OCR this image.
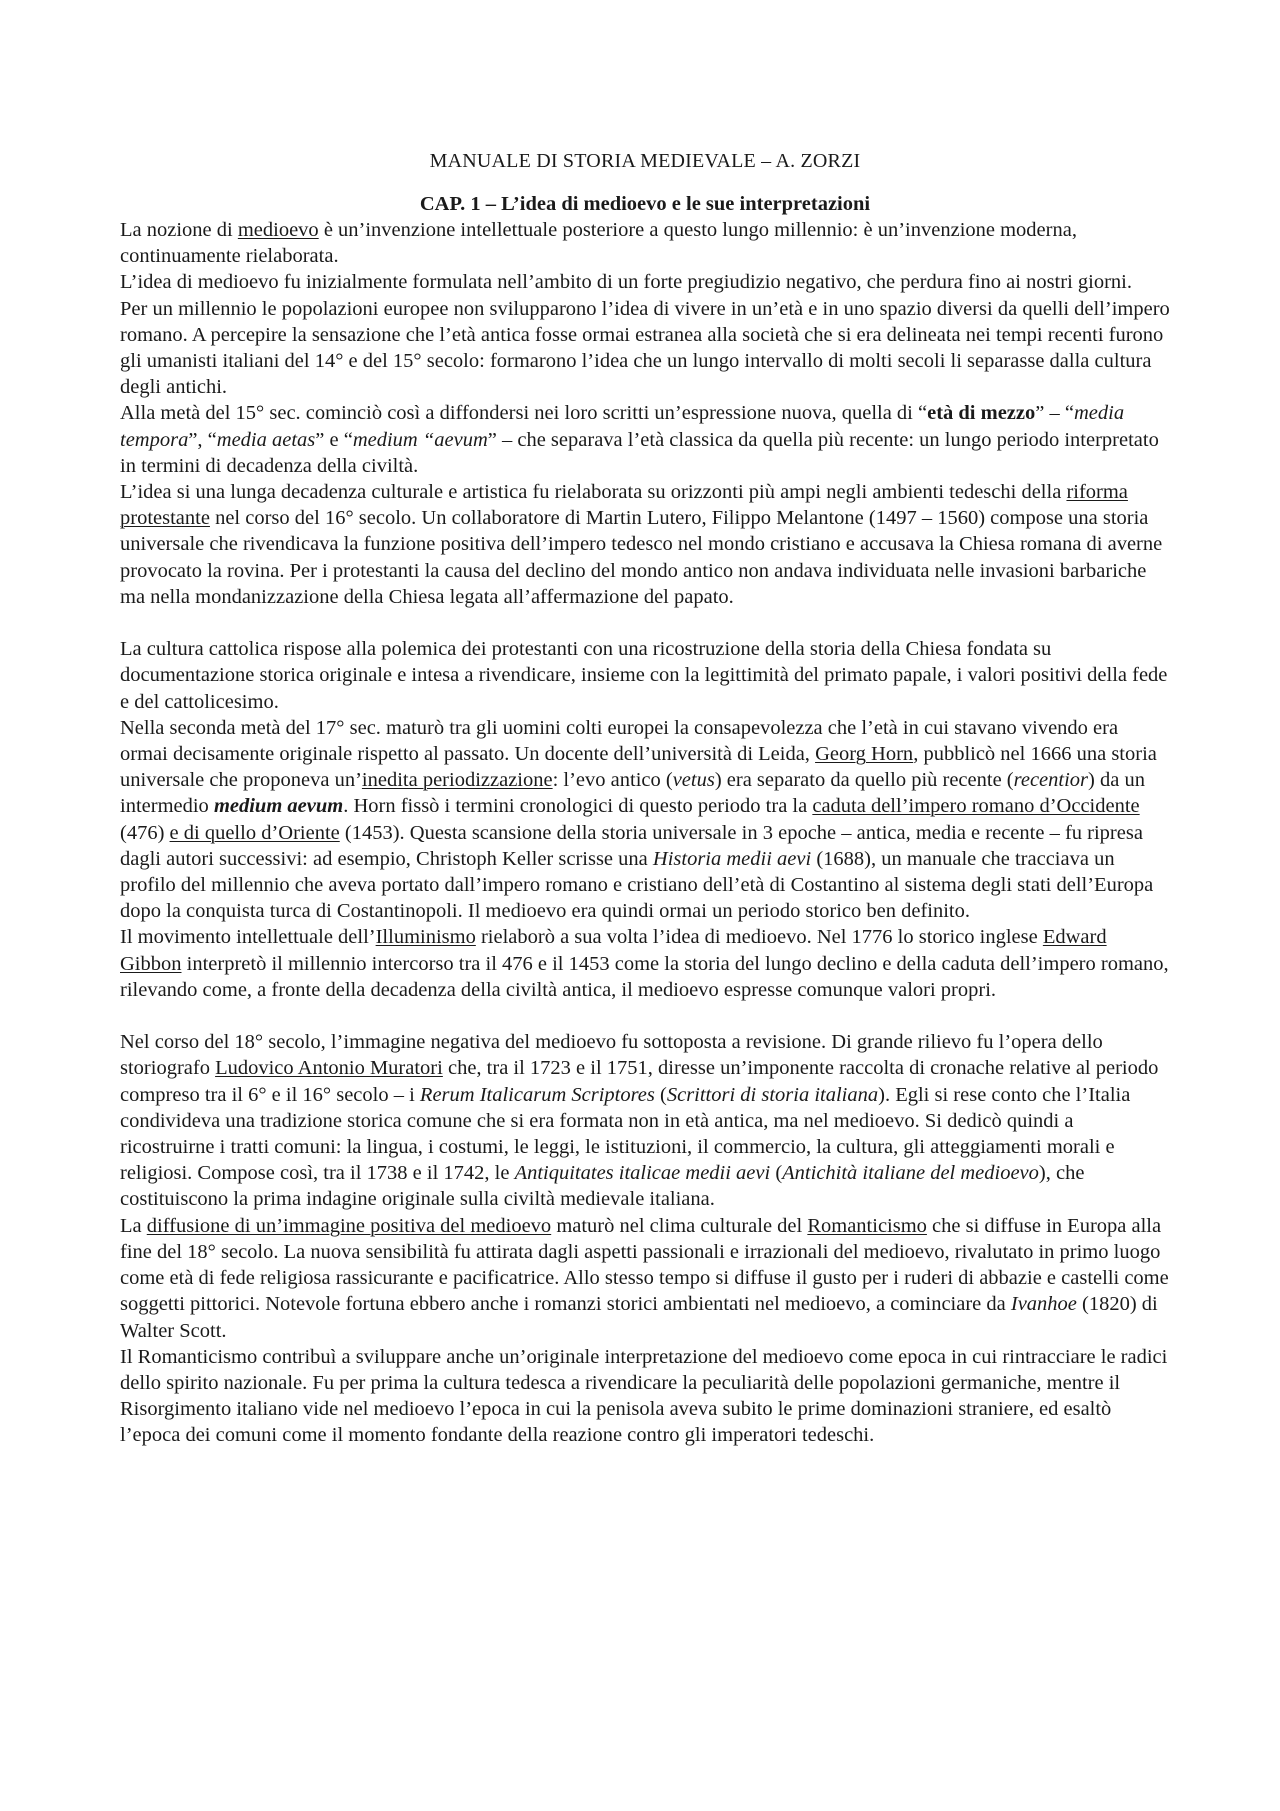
MANUALE DI STORIA MEDIEVALE – A. ZORZI
CAP. 1 – L’idea di medioevo e le sue interpretazioni

La nozione di medioevo è un’invenzione intellettuale posteriore a questo lungo millennio: è un’invenzione moderna, continuamente rielaborata.

L’idea di medioevo fu inizialmente formulata nell’ambito di un forte pregiudizio negativo, che perdura fino ai nostri giorni.

Per un millennio le popolazioni europee non svilupparono l’idea di vivere in un’età e in uno spazio diversi da quelli dell’impero romano. A percepire la sensazione che l’età antica fosse ormai estranea alla società che si era delineata nei tempi recenti furono gli umanisti italiani del 14° e del 15° secolo: formarono l’idea che un lungo intervallo di molti secoli li separasse dalla cultura degli antichi.

Alla metà del 15° sec. cominciò così a diffondersi nei loro scritti un’espressione nuova, quella di “età di mezzo” – “media tempora”, “media aetas” e “medium “aevum” – che separava l’età classica da quella più recente: un lungo periodo interpretato in termini di decadenza della civiltà.

L’idea si una lunga decadenza culturale e artistica fu rielaborata su orizzonti più ampi negli ambienti tedeschi della riforma protestante nel corso del 16° secolo. Un collaboratore di Martin Lutero, Filippo Melantone (1497 – 1560) compose una storia universale che rivendicava la funzione positiva dell’impero tedesco nel mondo cristiano e accusava la Chiesa romana di averne provocato la rovina. Per i protestanti la causa del declino del mondo antico non andava individuata nelle invasioni barbariche ma nella mondanizzazione della Chiesa legata all’affermazione del papato.

La cultura cattolica rispose alla polemica dei protestanti con una ricostruzione della storia della Chiesa fondata su documentazione storica originale e intesa a rivendicare, insieme con la legittimità del primato papale, i valori positivi della fede e del cattolicesimo.

Nella seconda metà del 17° sec. maturò tra gli uomini colti europei la consapevolezza che l’età in cui stavano vivendo era ormai decisamente originale rispetto al passato. Un docente dell’università di Leida, Georg Horn, pubblicò nel 1666 una storia universale che proponeva un’inedita periodizzazione: l’evo antico (vetus) era separato da quello più recente (recentior) da un intermedio medium aevum. Horn fissò i termini cronologici di questo periodo tra la caduta dell’impero romano d’Occidente (476) e di quello d’Oriente (1453). Questa scansione della storia universale in 3 epoche – antica, media e recente – fu ripresa dagli autori successivi: ad esempio, Christoph Keller scrisse una Historia medii aevi (1688), un manuale che tracciava un profilo del millennio che aveva portato dall’impero romano e cristiano dell’età di Costantino al sistema degli stati dell’Europa dopo la conquista turca di Costantinopoli. Il medioevo era quindi ormai un periodo storico ben definito.

Il movimento intellettuale dell’Illuminismo rielaborò a sua volta l’idea di medioevo. Nel 1776 lo storico inglese Edward Gibbon interpretò il millennio intercorso tra il 476 e il 1453 come la storia del lungo declino e della caduta dell’impero romano, rilevando come, a fronte della decadenza della civiltà antica, il medioevo espresse comunque valori propri.

Nel corso del 18° secolo, l’immagine negativa del medioevo fu sottoposta a revisione. Di grande rilievo fu l’opera dello storiografo Ludovico Antonio Muratori che, tra il 1723 e il 1751, diresse un’imponente raccolta di cronache relative al periodo compreso tra il 6° e il 16° secolo – i Rerum Italicarum Scriptores (Scrittori di storia italiana). Egli si rese conto che l’Italia condivideva una tradizione storica comune che si era formata non in età antica, ma nel medioevo. Si dedicò quindi a ricostruirne i tratti comuni: la lingua, i costumi, le leggi, le istituzioni, il commercio, la cultura, gli atteggiamenti morali e religiosi. Compose così, tra il 1738 e il 1742, le Antiquitates italicae medii aevi (Antichità italiane del medioevo), che costituiscono la prima indagine originale sulla civiltà medievale italiana.

La diffusione di un’immagine positiva del medioevo maturò nel clima culturale del Romanticismo che si diffuse in Europa alla fine del 18° secolo. La nuova sensibilità fu attirata dagli aspetti passionali e irrazionali del medioevo, rivalutato in primo luogo come età di fede religiosa rassicurante e pacificatrice. Allo stesso tempo si diffuse il gusto per i ruderi di abbazie e castelli come soggetti pittorici. Notevole fortuna ebbero anche i romanzi storici ambientati nel medioevo, a cominciare da Ivanhoe (1820) di Walter Scott.

Il Romanticismo contribuì a sviluppare anche un’originale interpretazione del medioevo come epoca in cui rintracciare le radici dello spirito nazionale. Fu per prima la cultura tedesca a rivendicare la peculiarità delle popolazioni germaniche, mentre il Risorgimento italiano vide nel medioevo l’epoca in cui la penisola aveva subito le prime dominazioni straniere, ed esaltò l’epoca dei comuni come il momento fondante della reazione contro gli imperatori tedeschi.
